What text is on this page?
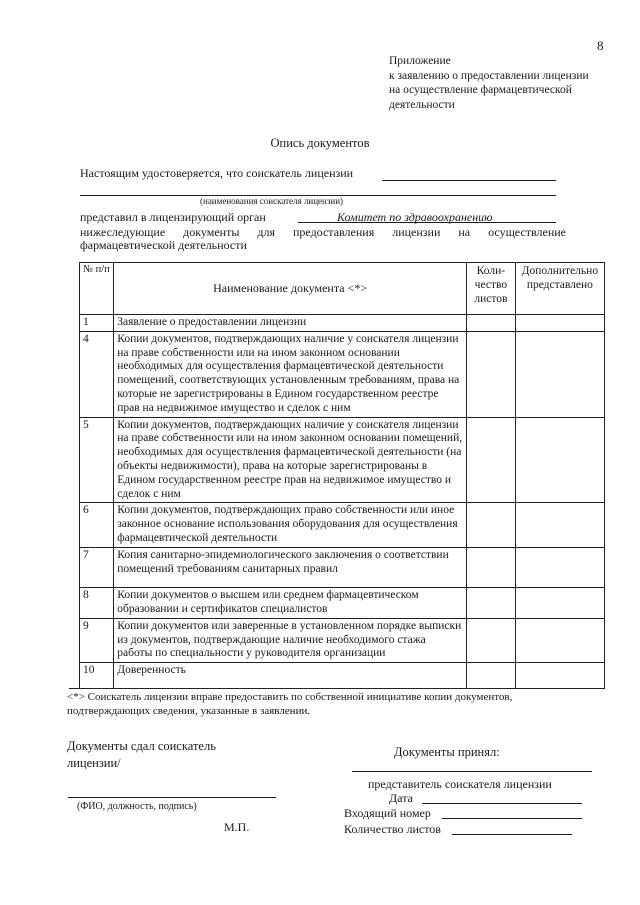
8
Приложение
к заявлению о предоставлении лицензии
на осуществление фармацевтической
деятельности
Опись документов
Настоящим удостоверяется, что соискатель лицензии
(наименования соискателя лицензии)
представил в лицензирующий орган	Комитет по здравоохранению
нижеследующие документы для предоставления лицензии на осуществление
фармацевтической деятельности
№ п/п	Наименование документа <*>	Коли-чество листов	Дополнительно представлено
1	Заявление о предоставлении лицензии		
4	Копии документов, подтверждающих наличие у соискателя лицензии на праве собственности или на ином законном основании необходимых для осуществления фармацевтической деятельности помещений, соответствующих установленным требованиям, права на которые не зарегистрированы в Едином государственном реестре прав на недвижимое имущество и сделок с ним		
5	Копии документов, подтверждающих наличие у соискателя лицензии на праве собственности или на ином законном основании помещений, необходимых для осуществления фармацевтической деятельности (на объекты недвижимости), права на которые зарегистрированы в Едином государственном реестре прав на недвижимое имущество и сделок с ним		
6	Копии документов, подтверждающих право собственности или иное законное основание использования оборудования для осуществления фармацевтической деятельности		
7	Копия санитарно-эпидемиологического заключения о соответствии помещений требованиям санитарных правил		
8	Копии документов о высшем или среднем фармацевтическом образовании и сертификатов специалистов		
9	Копии документов или заверенные в установленном порядке выписки из документов, подтверждающие наличие необходимого стажа работы по специальности у руководителя организации		
10	Доверенность		
<*> Соискатель лицензии вправе предоставить по собственной инициативе копии документов, подтверждающих сведения, указанные в заявлении.
Документы сдал соискатель лицензии/
Документы принял:
представитель соискателя лицензии
Дата
Входящий номер
Количество листов
(ФИО, должность, подпись)
М.П.
